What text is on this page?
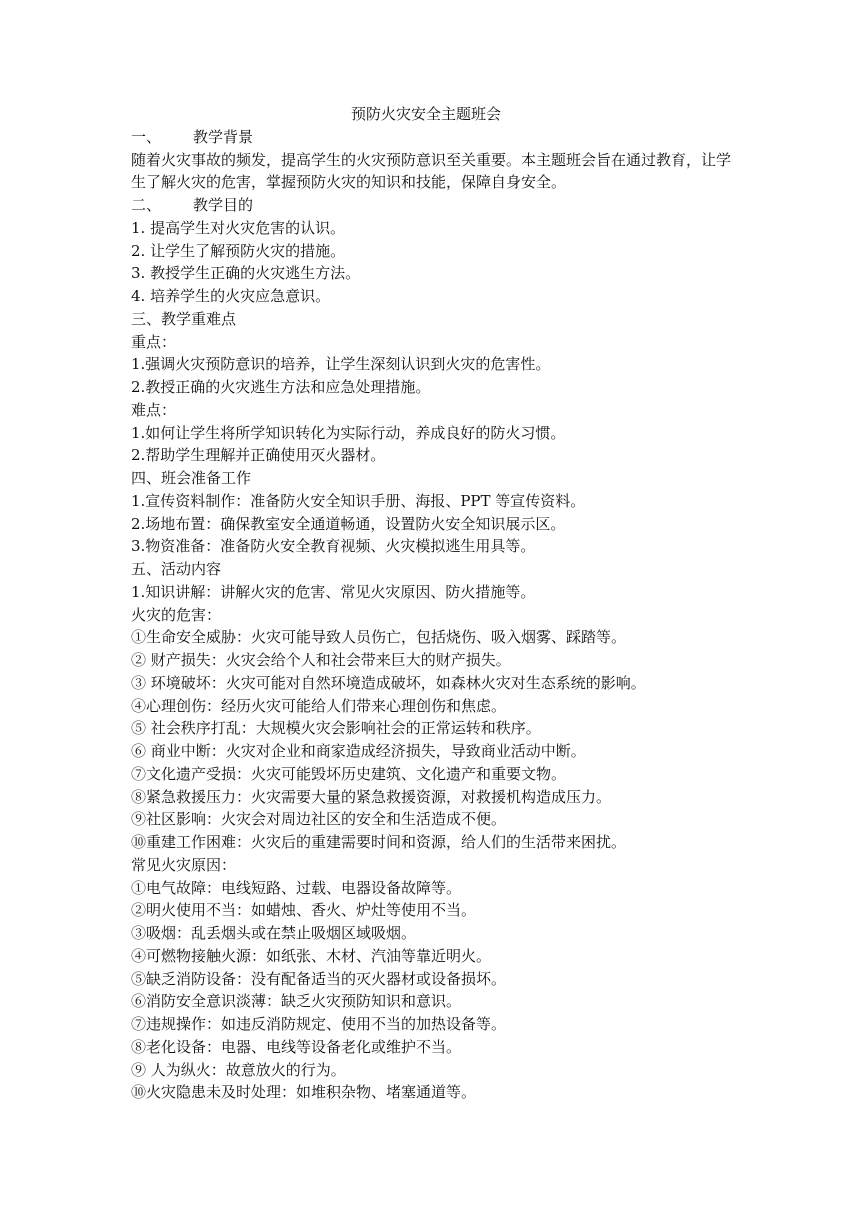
预防火灾安全主题班会
一、 教学背景
随着火灾事故的频发，提高学生的火灾预防意识至关重要。本主题班会旨在通过教育，让学生了解火灾的危害，掌握预防火灾的知识和技能，保障自身安全。
二、 教学目的
1. 提高学生对火灾危害的认识。
2. 让学生了解预防火灾的措施。
3. 教授学生正确的火灾逃生方法。
4. 培养学生的火灾应急意识。
三、教学重难点
重点：
1.强调火灾预防意识的培养，让学生深刻认识到火灾的危害性。
2.教授正确的火灾逃生方法和应急处理措施。
难点：
1.如何让学生将所学知识转化为实际行动，养成良好的防火习惯。
2.帮助学生理解并正确使用灭火器材。
四、班会准备工作
1.宣传资料制作：准备防火安全知识手册、海报、PPT 等宣传资料。
2.场地布置：确保教室安全通道畅通，设置防火安全知识展示区。
3.物资准备：准备防火安全教育视频、火灾模拟逃生用具等。
五、活动内容
1.知识讲解：讲解火灾的危害、常见火灾原因、防火措施等。
火灾的危害：
①生命安全威胁：火灾可能导致人员伤亡，包括烧伤、吸入烟雾、踩踏等。
② 财产损失：火灾会给个人和社会带来巨大的财产损失。
③ 环境破坏：火灾可能对自然环境造成破坏，如森林火灾对生态系统的影响。
④心理创伤：经历火灾可能给人们带来心理创伤和焦虑。
⑤ 社会秩序打乱：大规模火灾会影响社会的正常运转和秩序。
⑥ 商业中断：火灾对企业和商家造成经济损失，导致商业活动中断。
⑦文化遗产受损：火灾可能毁坏历史建筑、文化遗产和重要文物。
⑧紧急救援压力：火灾需要大量的紧急救援资源，对救援机构造成压力。
⑨社区影响：火灾会对周边社区的安全和生活造成不便。
⑩重建工作困难：火灾后的重建需要时间和资源，给人们的生活带来困扰。
常见火灾原因：
①电气故障：电线短路、过载、电器设备故障等。
②明火使用不当：如蜡烛、香火、炉灶等使用不当。
③吸烟：乱丢烟头或在禁止吸烟区域吸烟。
④可燃物接触火源：如纸张、木材、汽油等靠近明火。
⑤缺乏消防设备：没有配备适当的灭火器材或设备损坏。
⑥消防安全意识淡薄：缺乏火灾预防知识和意识。
⑦违规操作：如违反消防规定、使用不当的加热设备等。
⑧老化设备：电器、电线等设备老化或维护不当。
⑨ 人为纵火：故意放火的行为。
⑩火灾隐患未及时处理：如堆积杂物、堵塞通道等。
